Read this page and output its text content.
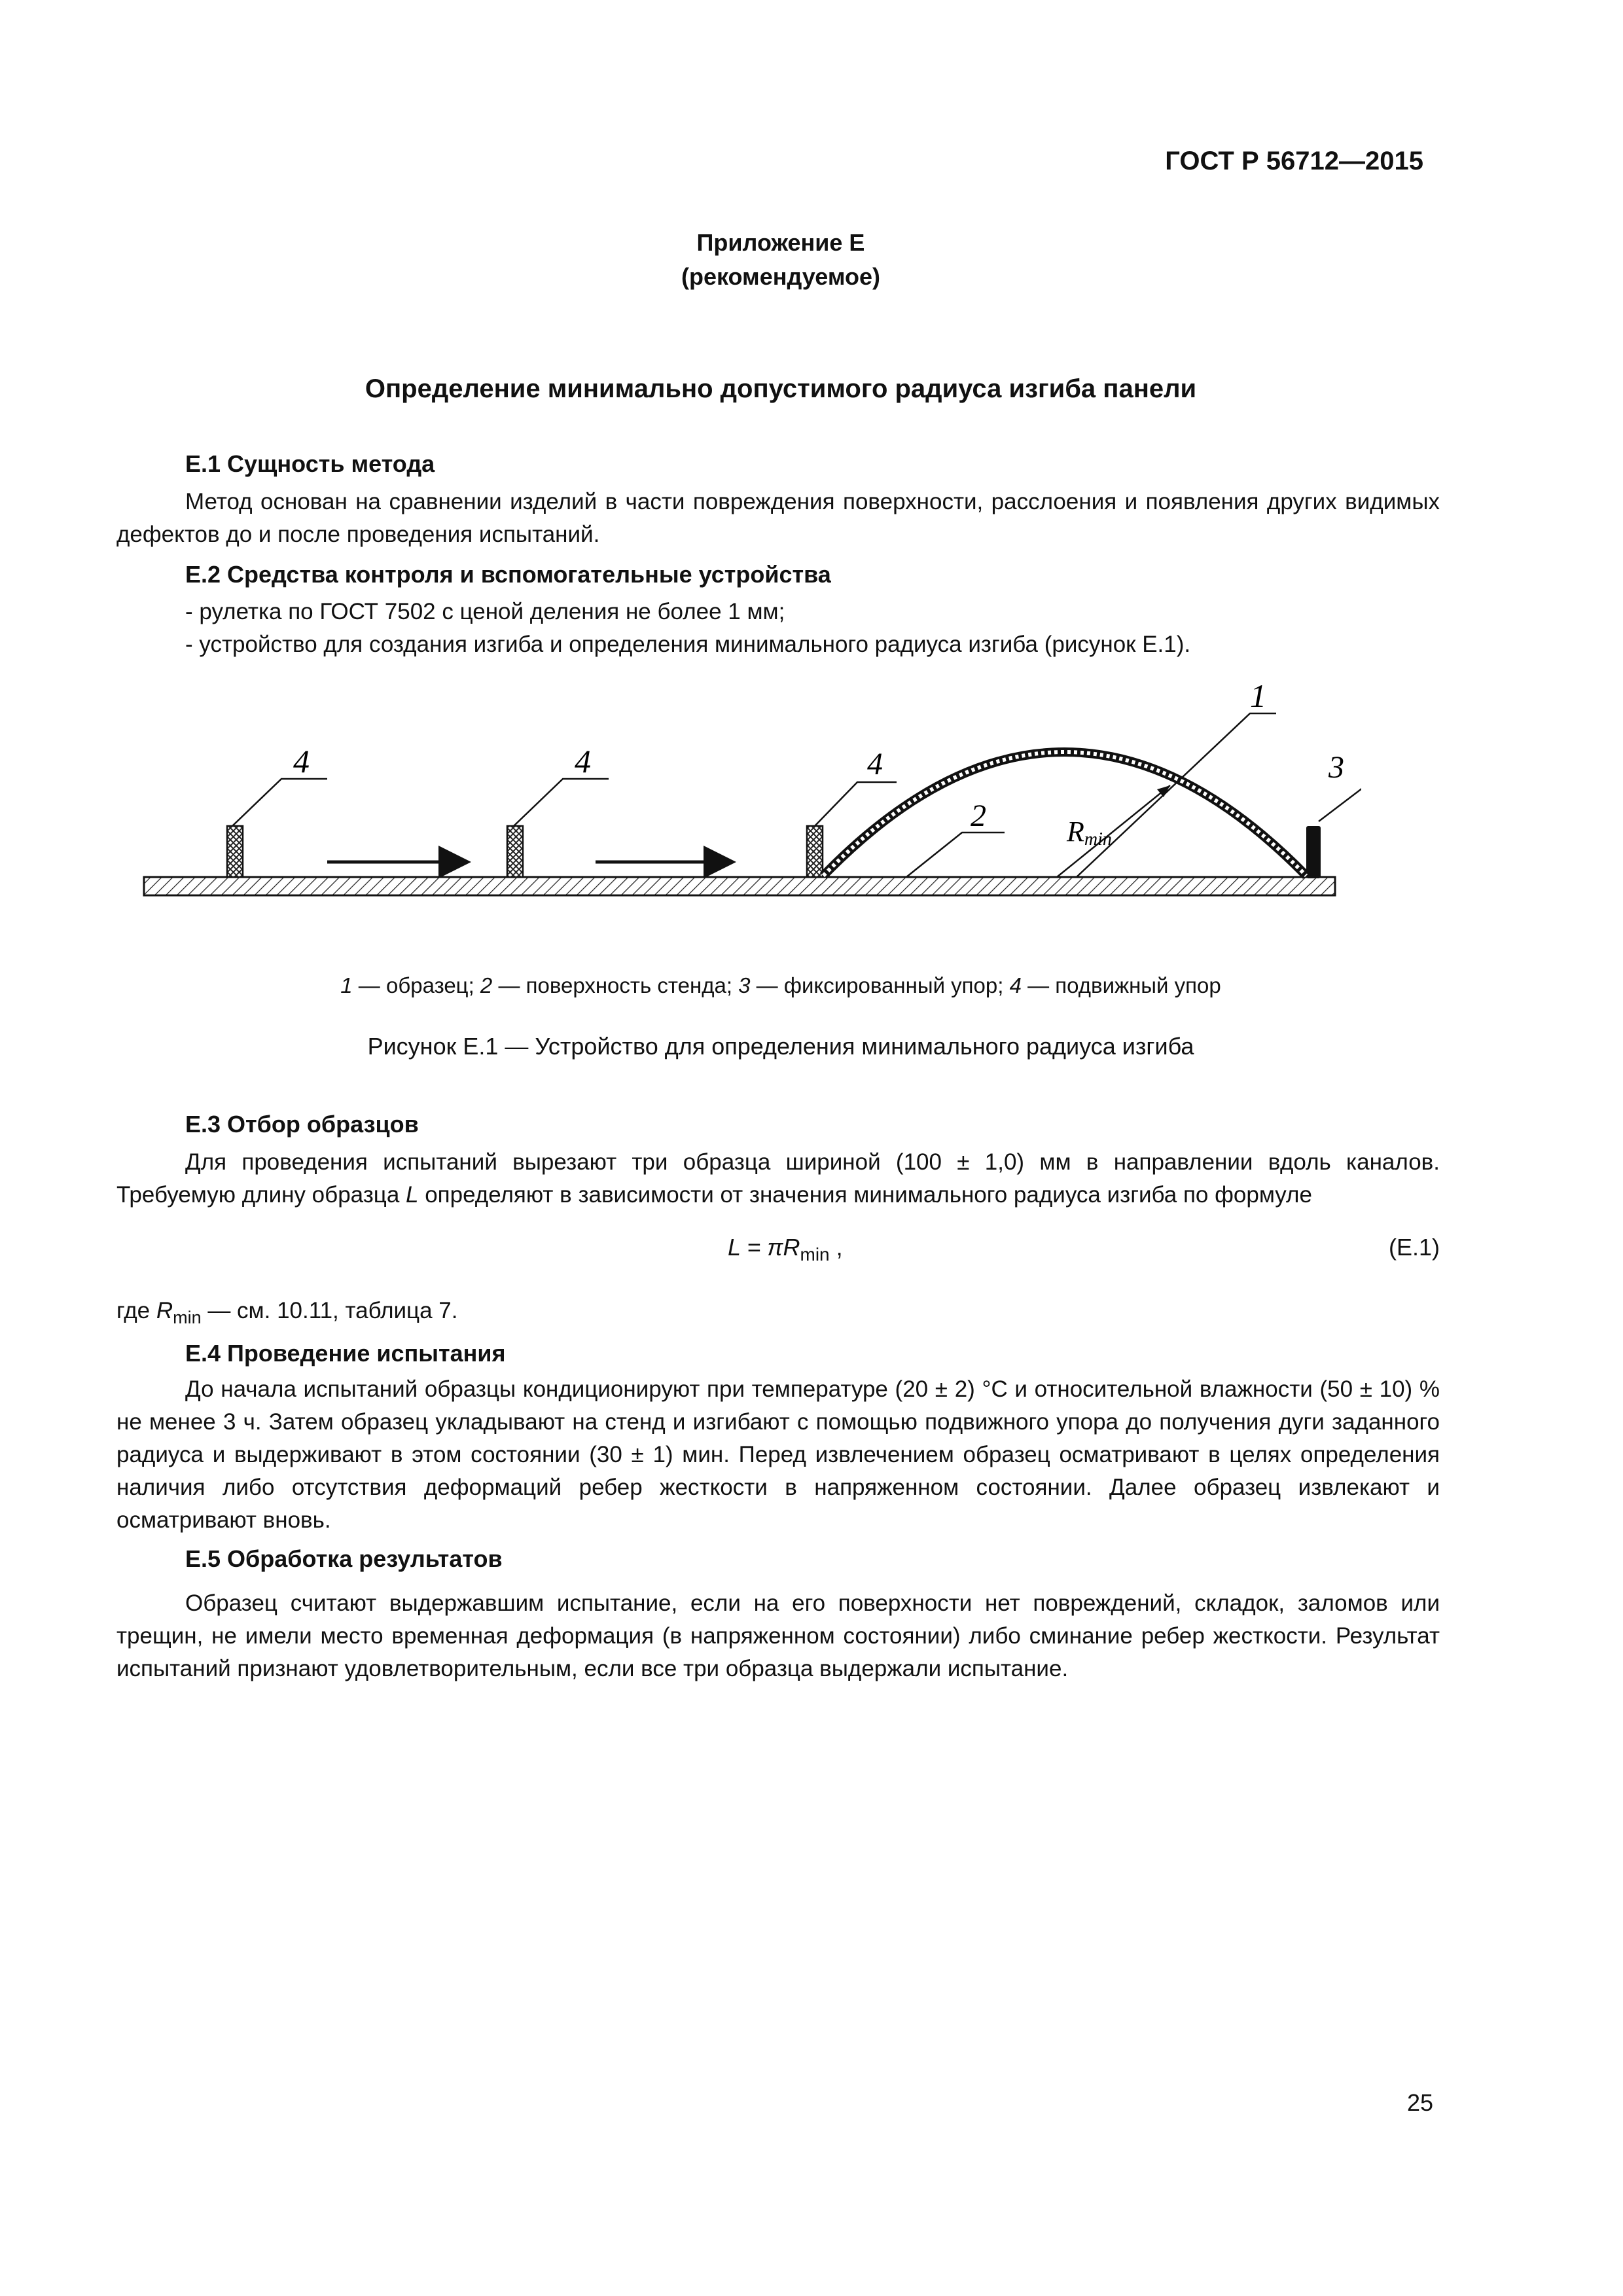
ГОСТ Р 56712—2015
Приложение Е
(рекомендуемое)
Определение минимально допустимого радиуса изгиба панели
Е.1 Сущность метода

Метод основан на сравнении изделий в части повреждения поверхности, расслоения и появления других видимых дефектов до и после проведения испытаний.

Е.2 Средства контроля и вспомогательные устройства
- рулетка по ГОСТ 7502 с ценой деления не более 1 мм;
- устройство для создания изгиба и определения минимального радиуса изгиба (рисунок Е.1).
4	4	4
2
1
3
Rmin
1 — образец; 2 — поверхность стенда; 3 — фиксированный упор; 4 — подвижный упор
Рисунок Е.1 — Устройство для определения минимального радиуса изгиба
Е.3 Отбор образцов

Для проведения испытаний вырезают три образца шириной (100 ± 1,0) мм в направлении вдоль каналов. Требуемую длину образца L определяют в зависимости от значения минимального радиуса изгиба по формуле

$L = \pi R_{min}$ ,	(Е.1)
где $R_{min}$ — см. 10.11, таблица 7.
Е.4 Проведение испытания

До начала испытаний образцы кондиционируют при температуре (20 ± 2) °С и относительной влажности (50 ± 10) % не менее 3 ч. Затем образец укладывают на стенд и изгибают с помощью подвижного упора до получения дуги заданного радиуса и выдерживают в этом состоянии (30 ± 1) мин. Перед извлечением образец осматривают в целях определения наличия либо отсутствия деформаций ребер жесткости в напряженном состоянии. Далее образец извлекают и осматривают вновь.

Е.5 Обработка результатов

Образец считают выдержавшим испытание, если на его поверхности нет повреждений, складок, заломов или трещин, не имели место временная деформация (в напряженном состоянии) либо сминание ребер жесткости. Результат испытаний признают удовлетворительным, если все три образца выдержали испытание.

25
